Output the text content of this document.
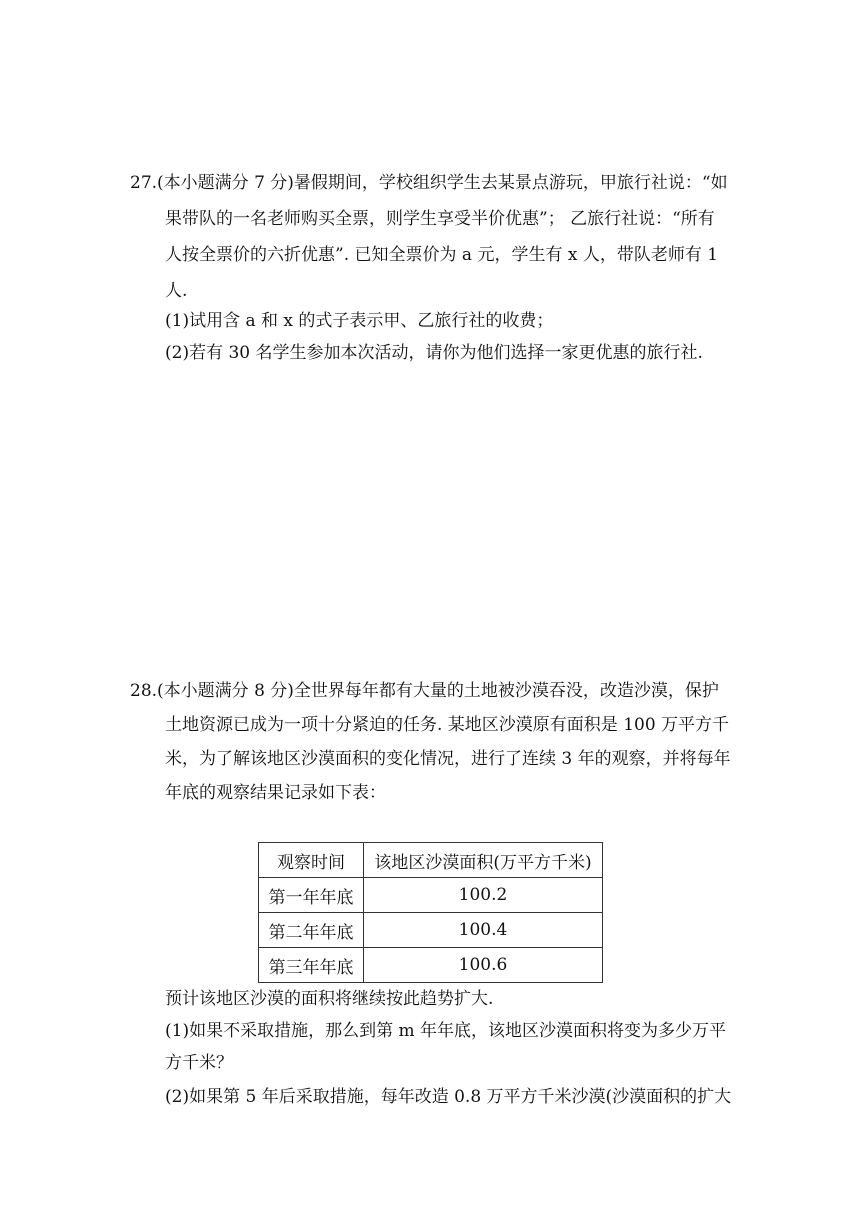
27.(本小题满分 7 分)暑假期间，学校组织学生去某景点游玩，甲旅行社说：“如
果带队的一名老师购买全票，则学生享受半价优惠”； 乙旅行社说：“所有
人按全票价的六折优惠”. 已知全票价为 a 元，学生有 x 人，带队老师有 1
人.
(1)试用含 a 和 x 的式子表示甲、乙旅行社的收费；
(2)若有 30 名学生参加本次活动，请你为他们选择一家更优惠的旅行社.
28.(本小题满分 8 分)全世界每年都有大量的土地被沙漠吞没，改造沙漠，保护
土地资源已成为一项十分紧迫的任务. 某地区沙漠原有面积是 100 万平方千
米，为了解该地区沙漠面积的变化情况，进行了连续 3 年的观察，并将每年
年底的观察结果记录如下表：
观察时间	该地区沙漠面积(万平方千米)
第一年年底	100.2
第二年年底	100.4
第三年年底	100.6
预计该地区沙漠的面积将继续按此趋势扩大.
(1)如果不采取措施，那么到第 m 年年底，该地区沙漠面积将变为多少万平
方千米？
(2)如果第 5 年后采取措施，每年改造 0.8 万平方千米沙漠(沙漠面积的扩大
